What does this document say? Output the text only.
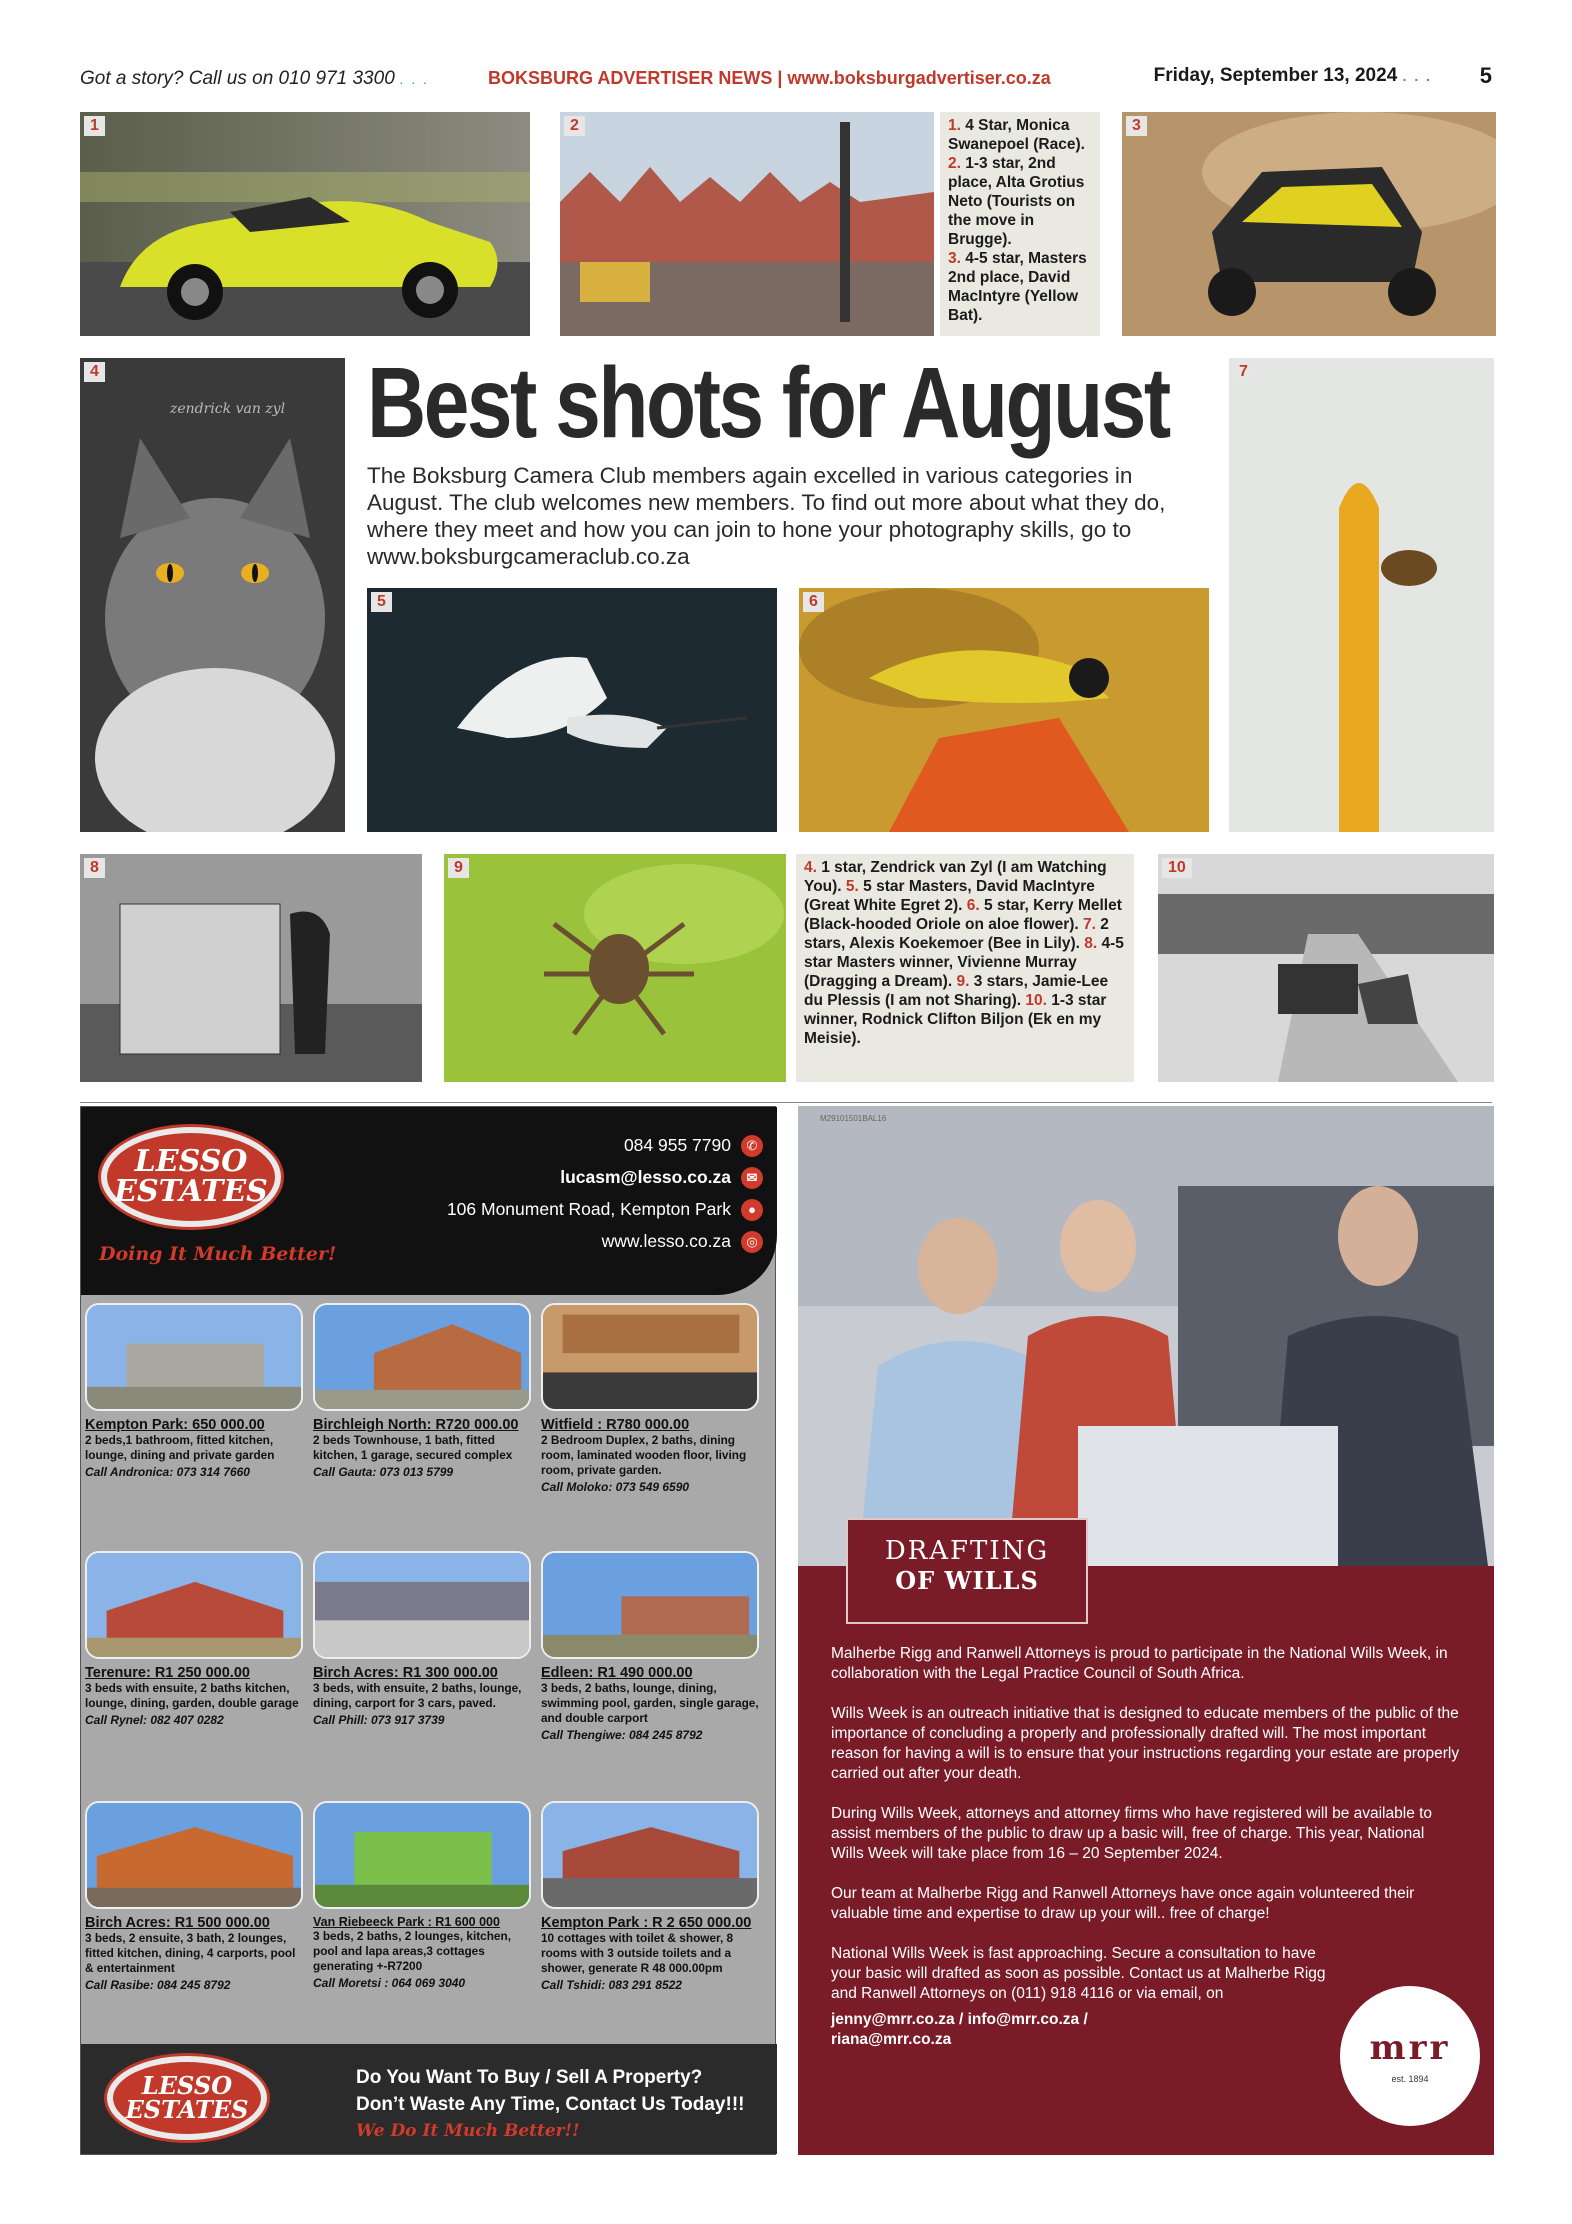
Got a story? Call us on 010 971 3300 . . .	BOKSBURG ADVERTISER NEWS | www.boksburgadvertiser.co.za	Friday, September 13, 2024 . . . 5
1	2	1. 4 Star, Monica Swanepoel (Race).
2. 1-3 star, 2nd place, Alta Grotius Neto (Tourists on the move in Brugge).
3. 4-5 star, Masters 2nd place, David MacIntyre (Yellow Bat).
3
4
zendrick van zyl Best shots for August
The Boksburg Camera Club members again excelled in various categories in August. The club welcomes new members. To find out more about what they do, where they meet and how you can join to hone your photography skills, go to www.boksburgcameraclub.co.za
7
5	6
8	9	4. 1 star, Zendrick van Zyl (I am Watching You). 5. 5 star Masters, David MacIntyre (Great White Egret 2). 6. 5 star, Kerry Mellet (Black-hooded Oriole on aloe flower). 7. 2 stars, Alexis Koekemoer (Bee in Lily). 8. 4-5 star Masters winner, Vivienne Murray (Dragging a Dream). 9. 3 stars, Jamie-Lee du Plessis (I am not Sharing). 10. 1-3 star winner, Rodnick Clifton Biljon (Ek en my Meisie).
10
LESSO
ESTATES
Doing It Much Better!
084 955 7790 ✆
lucasm@lesso.co.za ✉
106 Monument Road, Kempton Park ●
www.lesso.co.za ◎
Kempton Park: 650 000.00
2 beds,1 bathroom, fitted kitchen, lounge, dining and private garden
Call Andronica: 073 314 7660
Birchleigh North: R720 000.00
2 beds Townhouse, 1 bath, fitted kitchen, 1 garage, secured complex
Call Gauta: 073 013 5799
Witfield : R780 000.00
2 Bedroom Duplex, 2 baths, dining room, laminated wooden floor, living room, private garden.
Call Moloko: 073 549 6590
Terenure: R1 250 000.00
3 beds with ensuite, 2 baths kitchen, lounge, dining, garden, double garage
Call Rynel: 082 407 0282
Birch Acres: R1 300 000.00
3 beds, with ensuite, 2 baths, lounge, dining, carport for 3 cars, paved.
Call Phill: 073 917 3739
Edleen: R1 490 000.00
3 beds, 2 baths, lounge, dining, swimming pool, garden, single garage, and double carport
Call Thengiwe: 084 245 8792
Birch Acres: R1 500 000.00
3 beds, 2 ensuite, 3 bath, 2 lounges, fitted kitchen, dining, 4 carports, pool & entertainment
Call Rasibe: 084 245 8792
Van Riebeeck Park : R1 600 000
3 beds, 2 baths, 2 lounges, kitchen, pool and lapa areas,3 cottages generating +-R7200
Call Moretsi : 064 069 3040
Kempton Park : R 2 650 000.00
10 cottages with toilet & shower, 8 rooms with 3 outside toilets and a shower, generate R 48 000.00pm
Call Tshidi: 083 291 8522
LESSO
ESTATES
Do You Want To Buy / Sell A Property?
Don’t Waste Any Time, Contact Us Today!!!
We Do It Much Better!!
M29101501BAL16
DRAFTING
OF WILLS

Malherbe Rigg and Ranwell Attorneys is proud to participate in the National Wills Week, in collaboration with the Legal Practice Council of South Africa.

Wills Week is an outreach initiative that is designed to educate members of the public of the importance of concluding a properly and professionally drafted will. The most important reason for having a will is to ensure that your instructions regarding your estate are properly carried out after your death.

During Wills Week, attorneys and attorney firms who have registered will be available to assist members of the public to draw up a basic will, free of charge. This year, National Wills Week will take place from 16 – 20 September 2024.

Our team at Malherbe Rigg and Ranwell Attorneys have once again volunteered their valuable time and expertise to draw up your will.. free of charge!

National Wills Week is fast approaching. Secure a consultation to have your basic will drafted as soon as possible. Contact us at Malherbe Rigg and Ranwell Attorneys on (011) 918 4116 or via email, on

jenny@mrr.co.za / info@mrr.co.za / riana@mrr.co.za	mrr
est. 1894
